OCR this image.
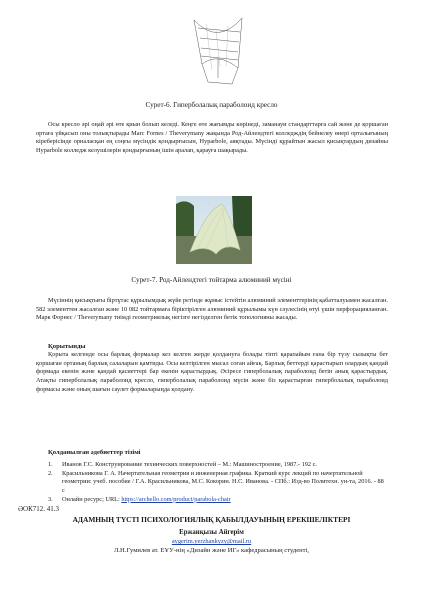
Сурет-6. Гиперболалық параболоид кресло

Осы кресло әрі оңай әрі өте қиын болып келеді. Кеңге өте жағымды көрінеді, заманауи стандарттарға сай және де қоршаған ортаға үйқасып оны толықтырады Marc Fornes / Theverymany жақында Род-Айлендтегі колледждің бейнелеу өнері орталығының кіреберісінде орналасқан ең соңғы мүсіндік қондырғысын, Hyparbole, аяқтады. Мүсінді құрайтын жасыл қисықтардың дизайны Hyparbole колледж келушілерін қондырғының ішін аралап, қарауға шақырады.

Сурет-7. Род-Айлендтегі тойтарма алюминий мүсіні

Мүсіннің қисықтығы біртұтас құрылымдық жүйе ретінде жұмыс істейтін алюминий элементтерінің қабатталуымен жасалған. 582 элементтен жасалған және 10 082 тойтармаға біріктірілген алюминий құрылымы күн сәулесінің өтуі үшін перфорацияланған. Марк Форнес / Theverymany тиімді геометриялық негізге негізделген бетік топологияны жасады.

Қорытынды

Қорыта келгенде осы барлық формалар кез келген жерде қолдануға болады тіпті қарапайым ғана бір түзу сызықты бет қоршаған ортаның барлық салаларын қамтиды. Осы келтірілген мысал соған айғақ. Барлық беттерді қарастырып олардың қандай формада екенін және қандай қасиеттері бар екенін қарастырдық. Әсіресе гиперболалық параболоид бетін анық қарастырдық. Атақты гиперболалық параболоид кресло, гиперболалық параболоид мүсін және біз қарастырған гиперболалық параболоид формасы және оның шағын саулет формаларыңда қолдану.

Қолданылған әдебиеттер тізімі
1. Иванов Г.С. Конструирование технических поверхностей – М.: Машиностроение, 1987.- 192 с.
2. Красильникова Г. А. Начертательная геометрия и инженерная графика. Краткий курс лекций по начертательной геометрии: учеб. пособие / Г.А. Красильникова, М.С. Кокорин. Н.С. Иванова. - СПб.: Изд-во Политехн. ун-та, 2016. - 88 с
3. Онлайн ресурс; URL: https://archello.com/product/parabola-chair
ӘОК712. 41.3
АДАМНЫҢ ТҮСТІ ПСИХОЛОГИЯЛЫҚ ҚАБЫЛДАУЫНЫҢ ЕРЕКШЕЛІКТЕРІ
Ержанқызы Айгерім
aygerim.yerzhankyzy@mail.ru
Л.Н.Гумилев ат. ЕҰУ-нің «Дизайн және ИГ» кафедрасының студенті,
